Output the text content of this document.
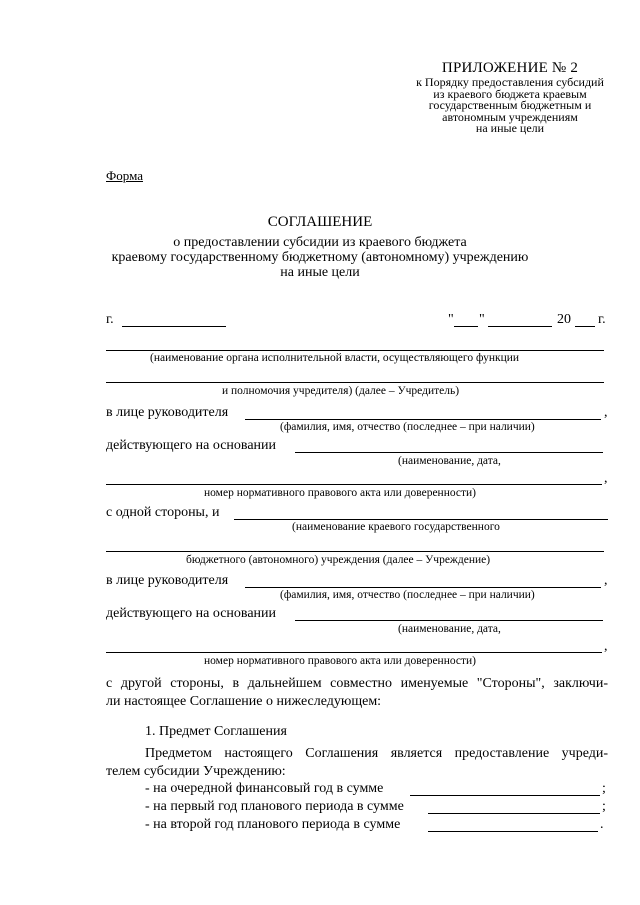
ПРИЛОЖЕНИЕ № 2
к Порядку предоставления субсидий
из краевого бюджета краевым
государственным бюджетным и
автономным учреждениям
на иные цели
Форма
СОГЛАШЕНИЕ
о предоставлении субсидии из краевого бюджета
краевому государственному бюджетному (автономному) учреждению
на иные цели
г.	" "	20 г.
(наименование органа исполнительной власти, осуществляющего функции
и полномочия учредителя) (далее – Учредитель)
в лице руководителя	,
(фамилия, имя, отчество (последнее – при наличии)
действующего на основании
(наименование, дата,
,
номер нормативного правового акта или доверенности)
с одной стороны, и
(наименование краевого государственного
бюджетного (автономного) учреждения (далее – Учреждение)
в лице руководителя	,
(фамилия, имя, отчество (последнее – при наличии)
действующего на основании
(наименование, дата,
,
номер нормативного правового акта или доверенности)
с другой стороны, в дальнейшем совместно именуемые "Стороны", заключи-
ли настоящее Соглашение о нижеследующем:
1. Предмет Соглашения
Предметом настоящего Соглашения является предоставление учреди-
телем субсидии Учреждению:
- на очередной финансовый год в сумме	;
- на первый год планового периода в сумме	;
- на второй год планового периода в сумме	.
